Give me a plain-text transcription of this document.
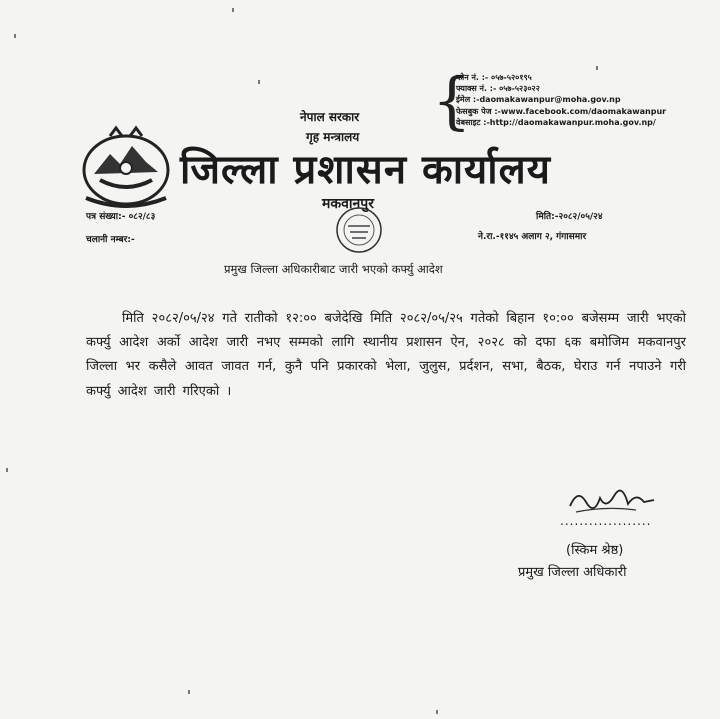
नेपाल सरकार
गृह मन्त्रालय
जिल्ला प्रशासन कार्यालय
मकवानपुर
{
फोन नं. :- ०५७-५२०१९५
फ्याक्स नं. :- ०५७-५२३०२२
ईमेल :-daomakawanpur@moha.gov.np
फेसबुक पेज :-www.facebook.com/daomakawanpur
वेबसाइट :-http://daomakawanpur.moha.gov.np/
पत्र संख्या:- ०८२/८३
चलानी नम्बर:-
मिति:-२०८२/०५/२४
ने.रा.-११४५ अलाग २, गंगासमार
प्रमुख जिल्ला अधिकारीबाट जारी भएको कर्फ्यु आदेश
मिति २०८२/०५/२४ गते रातीको १२:०० बजेदेखि मिति २०८२/०५/२५ गतेको बिहान १०:०० बजेसम्म जारी भएको कर्फ्यु आदेश अर्को आदेश जारी नभए सम्मको लागि स्थानीय प्रशासन ऐन, २०२८ को दफा ६क बमोजिम मकवानपुर जिल्ला भर कसैले आवत जावत गर्न, कुनै पनि प्रकारको भेला, जुलुस, प्रर्दशन, सभा, बैठक, घेराउ गर्न नपाउने गरी कर्फ्यु आदेश जारी गरिएको ।
...................
(स्किम श्रेष्ठ)
प्रमुख जिल्ला अधिकारी
